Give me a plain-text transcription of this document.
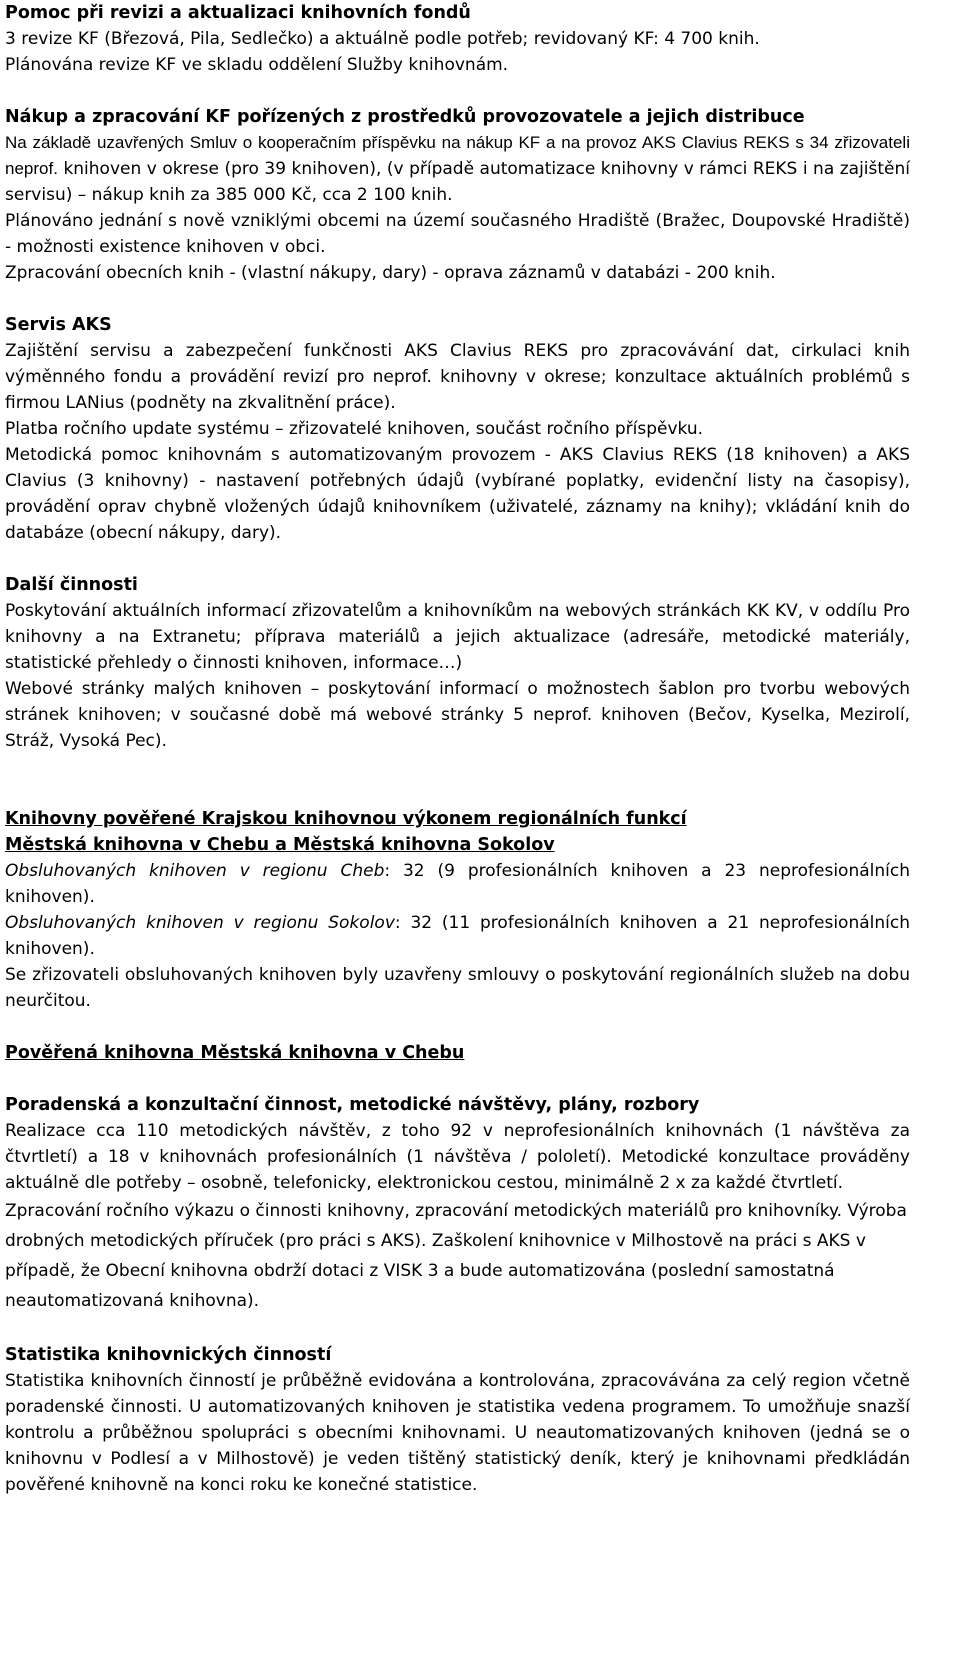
Pomoc při revizi a aktualizaci knihovních fondů

3 revize KF (Březová, Pila, Sedlečko) a aktuálně podle potřeb; revidovaný KF: 4 700 knih.

Plánována revize KF ve skladu oddělení Služby knihovnám.

Nákup a zpracování KF pořízených z prostředků provozovatele a jejich distribuce

Na základě uzavřených Smluv o kooperačním příspěvku na nákup KF a na provoz AKS Clavius REKS s 34 zřizovateli neprof. knihoven v okrese (pro 39 knihoven), (v případě automatizace knihovny v rámci REKS i na zajištění servisu) – nákup knih za 385 000 Kč, cca 2 100 knih.

Plánováno jednání s nově vzniklými obcemi na území současného Hradiště (Bražec, Doupovské Hradiště) - možnosti existence knihoven v obci.

Zpracování obecních knih - (vlastní nákupy, dary) - oprava záznamů v databázi - 200 knih.

Servis AKS

Zajištění servisu a zabezpečení funkčnosti AKS Clavius REKS pro zpracovávání dat, cirkulaci knih výměnného fondu a provádění revizí pro neprof. knihovny v okrese; konzultace aktuálních problémů s firmou LANius (podněty na zkvalitnění práce).

Platba ročního update systému – zřizovatelé knihoven, součást ročního příspěvku.

Metodická pomoc knihovnám s automatizovaným provozem - AKS Clavius REKS (18 knihoven) a AKS Clavius (3 knihovny) - nastavení potřebných údajů (vybírané poplatky, evidenční listy na časopisy), provádění oprav chybně vložených údajů knihovníkem (uživatelé, záznamy na knihy); vkládání knih do databáze (obecní nákupy, dary).

Další činnosti

Poskytování aktuálních informací zřizovatelům a knihovníkům na webových stránkách KK KV, v oddílu Pro knihovny a na Extranetu; příprava materiálů a jejich aktualizace (adresáře, metodické materiály, statistické přehledy o činnosti knihoven, informace…)

Webové stránky malých knihoven – poskytování informací o možnostech šablon pro tvorbu webových stránek knihoven; v současné době má webové stránky 5 neprof. knihoven (Bečov, Kyselka, Mezirolí, Stráž, Vysoká Pec).

Knihovny pověřené Krajskou knihovnou výkonem regionálních funkcí
Městská knihovna v Chebu a Městská knihovna Sokolov

Obsluhovaných knihoven v regionu Cheb: 32 (9 profesionálních knihoven a 23 neprofesionálních knihoven).

Obsluhovaných knihoven v regionu Sokolov: 32 (11 profesionálních knihoven a 21 neprofesionálních knihoven).

Se zřizovateli obsluhovaných knihoven byly uzavřeny smlouvy o poskytování regionálních služeb na dobu neurčitou.

Pověřená knihovna Městská knihovna v Chebu
Poradenská a konzultační činnost, metodické návštěvy, plány, rozbory

Realizace cca 110 metodických návštěv, z toho 92 v neprofesionálních knihovnách (1 návštěva za čtvrtletí) a 18 v knihovnách profesionálních (1 návštěva / pololetí). Metodické konzultace prováděny aktuálně dle potřeby – osobně, telefonicky, elektronickou cestou, minimálně 2 x za každé čtvrtletí.

Zpracování ročního výkazu o činnosti knihovny, zpracování metodických materiálů pro knihovníky. Výroba drobných metodických příruček (pro práci s AKS). Zaškolení knihovnice v Milhostově na práci s AKS v případě, že Obecní knihovna obdrží dotaci z VISK 3 a bude automatizována (poslední samostatná neautomatizovaná knihovna).

Statistika knihovnických činností

Statistika knihovních činností je průběžně evidována a kontrolována, zpracovávána za celý region včetně poradenské činnosti. U automatizovaných knihoven je statistika vedena programem. To umožňuje snazší kontrolu a průběžnou spolupráci s obecními knihovnami. U neautomatizovaných knihoven (jedná se o knihovnu v Podlesí a v Milhostově) je veden tištěný statistický deník, který je knihovnami předkládán pověřené knihovně na konci roku ke konečné statistice.
